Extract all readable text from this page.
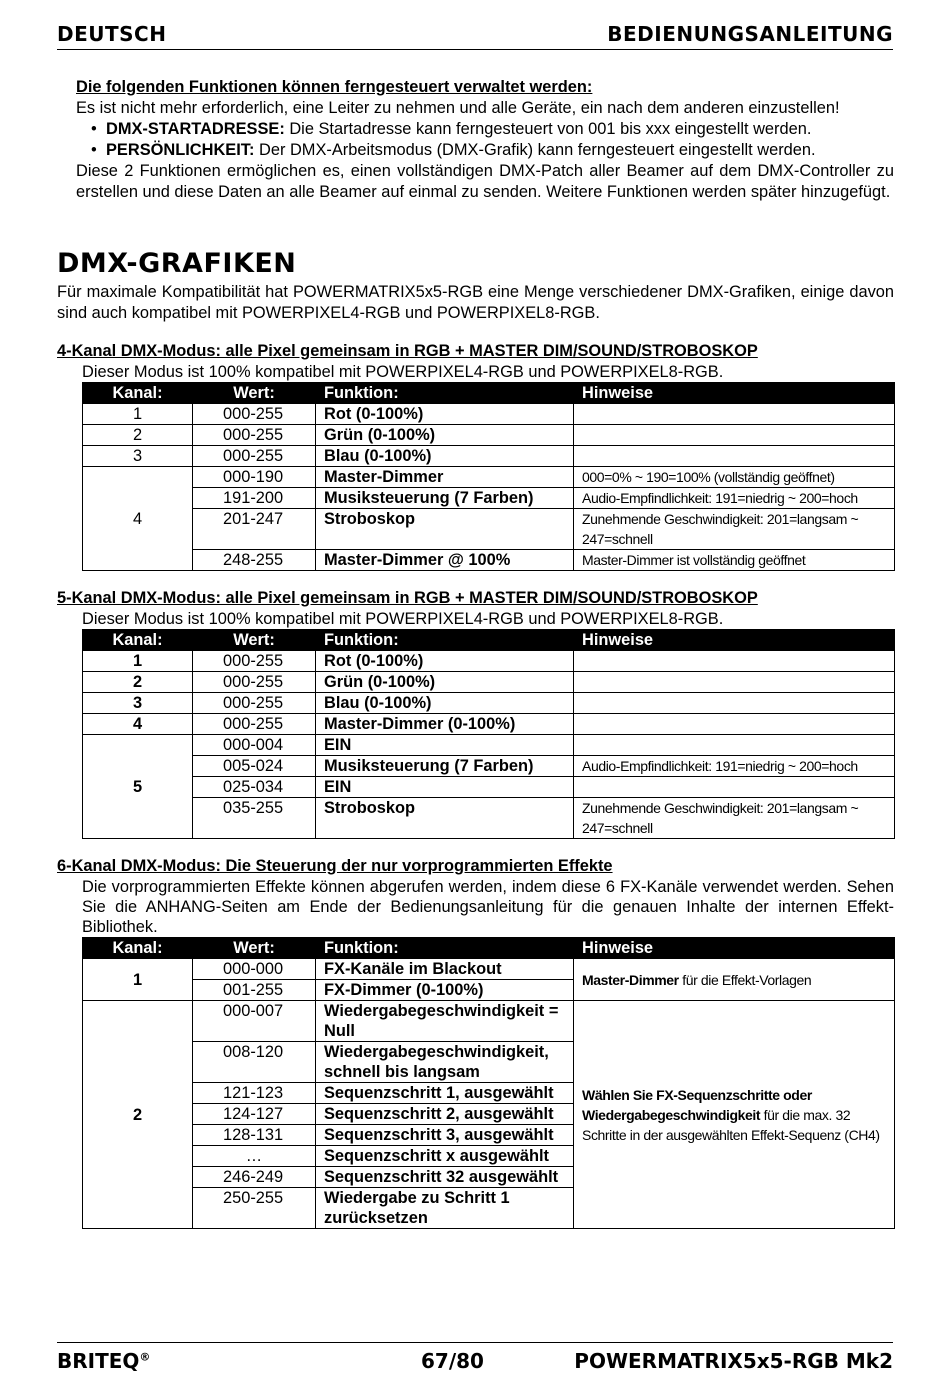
DEUTSCH	BEDIENUNGSANLEITUNG
Die folgenden Funktionen können ferngesteuert verwaltet werden:
Es ist nicht mehr erforderlich, eine Leiter zu nehmen und alle Geräte, ein nach dem anderen einzustellen!
• DMX-STARTADRESSE: Die Startadresse kann ferngesteuert von 001 bis xxx eingestellt werden.
• PERSÖNLICHKEIT: Der DMX-Arbeitsmodus (DMX-Grafik) kann ferngesteuert eingestellt werden.
Diese 2 Funktionen ermöglichen es, einen vollständigen DMX-Patch aller Beamer auf dem DMX-Controller zu erstellen und diese Daten an alle Beamer auf einmal zu senden. Weitere Funktionen werden später hinzugefügt.
DMX-GRAFIKEN
Für maximale Kompatibilität hat POWERMATRIX5x5-RGB eine Menge verschiedener DMX-Grafiken, einige davon sind auch kompatibel mit POWERPIXEL4-RGB und POWERPIXEL8-RGB.
4-Kanal DMX-Modus: alle Pixel gemeinsam in RGB + MASTER DIM/SOUND/STROBOSKOP
Dieser Modus ist 100% kompatibel mit POWERPIXEL4-RGB und POWERPIXEL8-RGB.
Kanal:	Wert:	Funktion:	Hinweise
1	000-255	Rot (0-100%)	
2	000-255	Grün (0-100%)	
3	000-255	Blau (0-100%)	
4	000-190	Master-Dimmer	000=0% ~ 190=100% (vollständig geöffnet)
	191-200	Musiksteuerung (7 Farben)	Audio-Empfindlichkeit: 191=niedrig ~ 200=hoch
	201-247	Stroboskop	Zunehmende Geschwindigkeit: 201=langsam ~ 247=schnell
	248-255	Master-Dimmer @ 100%	Master-Dimmer ist vollständig geöffnet
5-Kanal DMX-Modus: alle Pixel gemeinsam in RGB + MASTER DIM/SOUND/STROBOSKOP
Dieser Modus ist 100% kompatibel mit POWERPIXEL4-RGB und POWERPIXEL8-RGB.
Kanal:	Wert:	Funktion:	Hinweise
1	000-255	Rot (0-100%)	
2	000-255	Grün (0-100%)	
3	000-255	Blau (0-100%)	
4	000-255	Master-Dimmer (0-100%)	
5	000-004	EIN	
	005-024	Musiksteuerung (7 Farben)	Audio-Empfindlichkeit: 191=niedrig ~ 200=hoch
	025-034	EIN	
	035-255	Stroboskop	Zunehmende Geschwindigkeit: 201=langsam ~ 247=schnell
6-Kanal DMX-Modus: Die Steuerung der nur vorprogrammierten Effekte
Die vorprogrammierten Effekte können abgerufen werden, indem diese 6 FX-Kanäle verwendet werden. Sehen Sie die ANHANG-Seiten am Ende der Bedienungsanleitung für die genauen Inhalte der internen Effekt-Bibliothek.
Kanal:	Wert:	Funktion:	Hinweise
1	000-000	FX-Kanäle im Blackout	Master-Dimmer für die Effekt-Vorlagen
	001-255	FX-Dimmer (0-100%)	
2	000-007	Wiedergabegeschwindigkeit = Null	Wählen Sie FX-Sequenzschritte oder Wiedergabegeschwindigkeit für die max. 32 Schritte in der ausgewählten Effekt-Sequenz (CH4)
	008-120	Wiedergabegeschwindigkeit, schnell bis langsam	
	121-123	Sequenzschritt 1, ausgewählt	
	124-127	Sequenzschritt 2, ausgewählt	
	128-131	Sequenzschritt 3, ausgewählt	
	…	Sequenzschritt x ausgewählt	
	246-249	Sequenzschritt 32 ausgewählt	
	250-255	Wiedergabe zu Schritt 1 zurücksetzen	
BRITEQ®	67/80	POWERMATRIX5x5-RGB Mk2
